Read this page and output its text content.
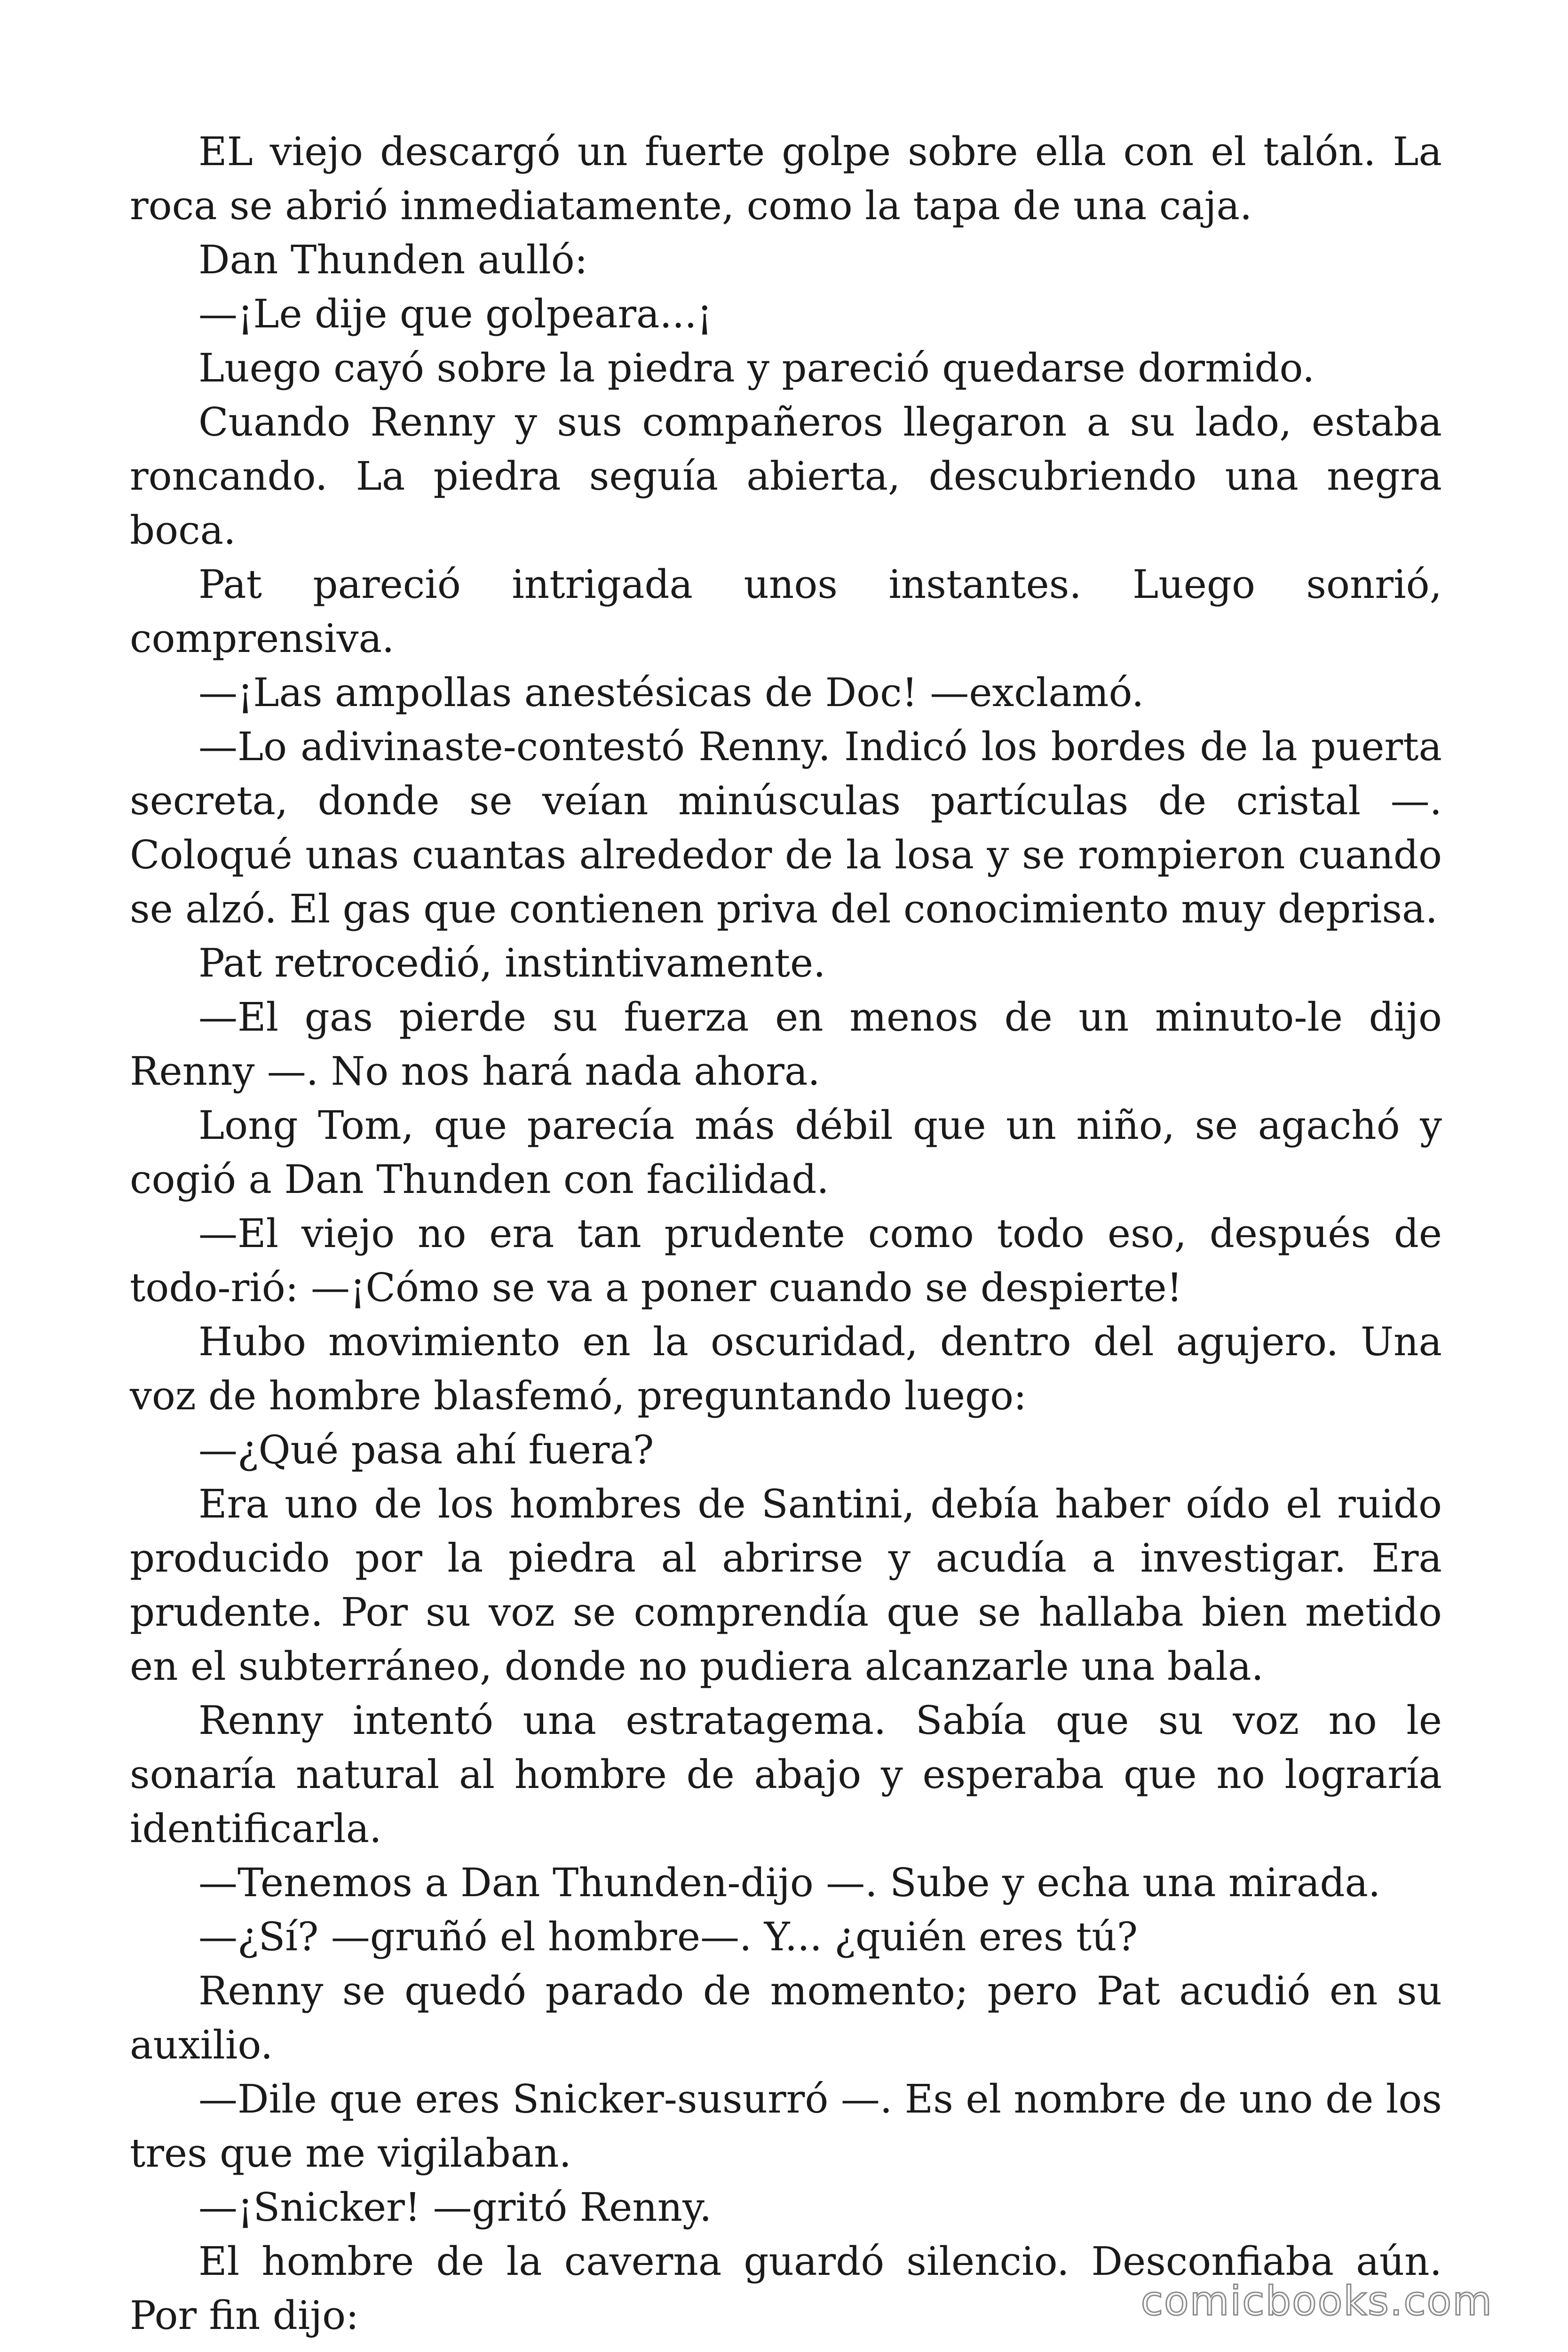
EL viejo descargó un fuerte golpe sobre ella con el talón. La roca se abrió inmediatamente, como la tapa de una caja.

Dan Thunden aulló:

—¡Le dije que golpeara...¡

Luego cayó sobre la piedra y pareció quedarse dormido.

Cuando Renny y sus compañeros llegaron a su lado, estaba roncando. La piedra seguía abierta, descubriendo una negra boca.

Pat pareció intrigada unos instantes. Luego sonrió, comprensiva.

—¡Las ampollas anestésicas de Doc! —exclamó.

—Lo adivinaste-contestó Renny. Indicó los bordes de la puerta secreta, donde se veían minúsculas partículas de cristal —. Coloqué unas cuantas alrededor de la losa y se rompieron cuando se alzó. El gas que contienen priva del conocimiento muy deprisa.

Pat retrocedió, instintivamente.

—El gas pierde su fuerza en menos de un minuto-le dijo Renny —. No nos hará nada ahora.

Long Tom, que parecía más débil que un niño, se agachó y cogió a Dan Thunden con facilidad.

—El viejo no era tan prudente como todo eso, después de todo-rió: —¡Cómo se va a poner cuando se despierte!

Hubo movimiento en la oscuridad, dentro del agujero. Una voz de hombre blasfemó, preguntando luego:

—¿Qué pasa ahí fuera?

Era uno de los hombres de Santini, debía haber oído el ruido producido por la piedra al abrirse y acudía a investigar. Era prudente. Por su voz se comprendía que se hallaba bien metido en el subterráneo, donde no pudiera alcanzarle una bala.

Renny intentó una estratagema. Sabía que su voz no le sonaría natural al hombre de abajo y esperaba que no lograría identificarla.

—Tenemos a Dan Thunden-dijo —. Sube y echa una mirada.

—¿Sí? —gruñó el hombre—. Y... ¿quién eres tú?

Renny se quedó parado de momento; pero Pat acudió en su auxilio.

—Dile que eres Snicker-susurró —. Es el nombre de uno de los tres que me vigilaban.

—¡Snicker! —gritó Renny.

El hombre de la caverna guardó silencio. Desconfiaba aún. Por fin dijo:	comicbooks.com
